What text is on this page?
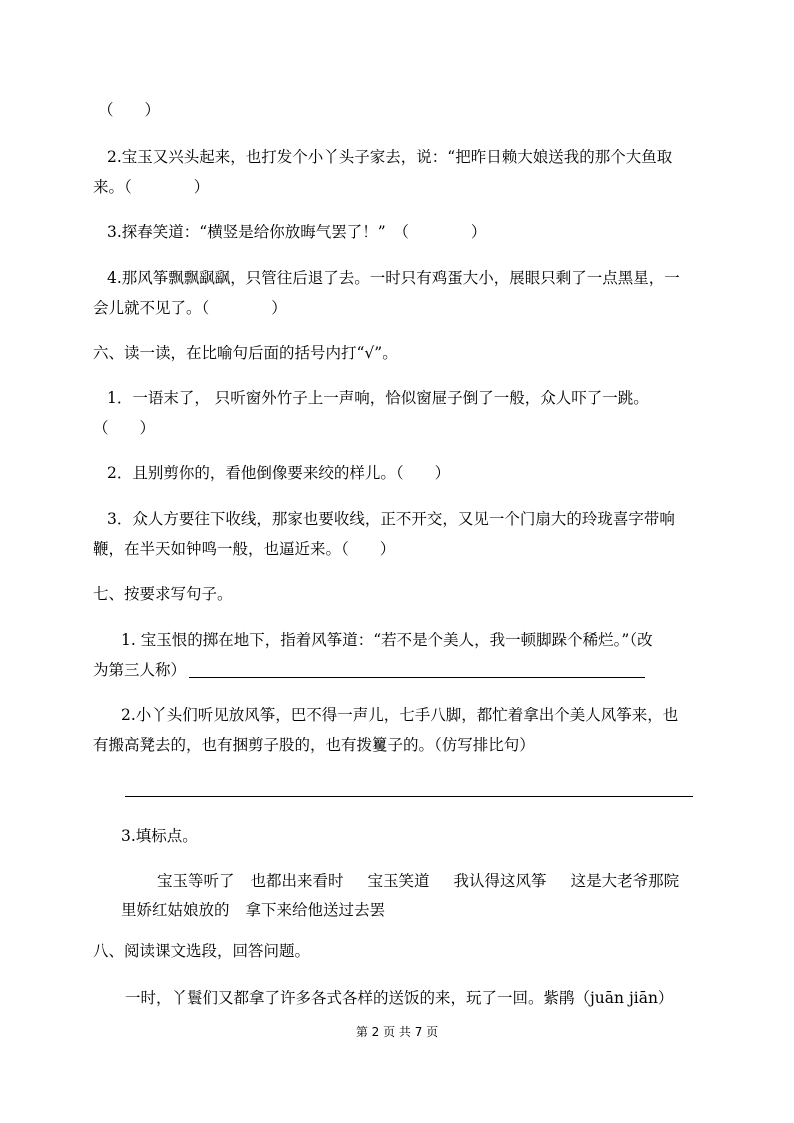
（　　）
2.宝玉又兴头起来，也打发个小丫头子家去，说：“把昨日赖大娘送我的那个大鱼取
来。（　　　　）
3.探春笑道：“横竖是给你放晦气罢了！”　（　　　　）
4.那风筝飘飘飖飖，只管往后退了去。一时只有鸡蛋大小，展眼只剩了一点黑星，一
会儿就不见了。（　　　　）
六、读一读，在比喻句后面的括号内打“√”。
1．一语末了， 只听窗外竹子上一声响，恰似窗屉子倒了一般，众人吓了一跳。
（　　）
2．且别剪你的，看他倒像要来绞的样儿。（　　）
3．众人方要往下收线，那家也要收线，正不开交，又见一个门扇大的玲珑喜字带响
鞭，在半天如钟鸣一般，也逼近来。（　　）
七、按要求写句子。
1. 宝玉恨的掷在地下，指着风筝道：“若不是个美人，我一顿脚跺个稀烂。”（改
为第三人称）
2.小丫头们听见放风筝，巴不得一声儿，七手八脚，都忙着拿出个美人风筝来，也
有搬高凳去的，也有捆剪子股的，也有拨籰子的。（仿写排比句）
3.填标点。
宝玉等听了 也都出来看时 宝玉笑道 我认得这风筝 这是大老爷那院
里娇红姑娘放的 拿下来给他送过去罢
八、阅读课文选段，回答问题。
一时，丫鬟们又都拿了许多各式各样的送饭的来，玩了一回。紫鹃（juān jiān）
第 2 页 共 7 页
